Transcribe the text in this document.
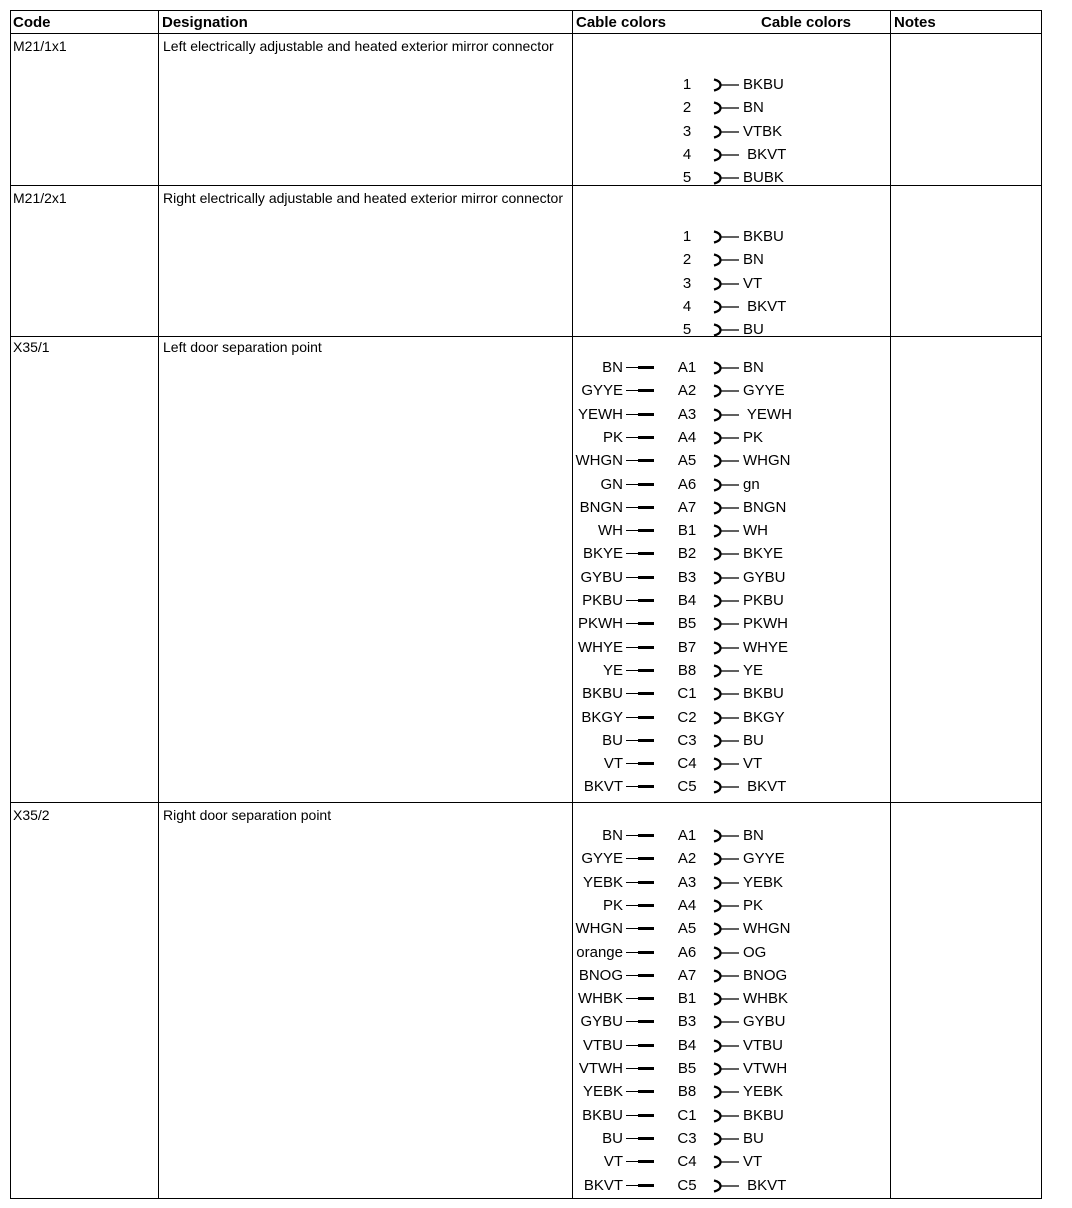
Code	Designation	Cable colors	Cable colors	Notes
M21/1x1	Left electrically adjustable and heated exterior mirror connector
1	BKBU
2	BN
3	VTBK
4	BKVT
5	BUBK
M21/2x1	Right electrically adjustable and heated exterior mirror connector
1	BKBU
2	BN
3	VT
4	BKVT
5	BU
X35/1	Left door separation point
BN	A1	BN
GYYE	A2	GYYE
YEWH	A3	YEWH
PK	A4	PK
WHGN	A5	WHGN
GN	A6	gn
BNGN	A7	BNGN
WH	B1	WH
BKYE	B2	BKYE
GYBU	B3	GYBU
PKBU	B4	PKBU
PKWH	B5	PKWH
WHYE	B7	WHYE
YE	B8	YE
BKBU	C1	BKBU
BKGY	C2	BKGY
BU	C3	BU
VT	C4	VT
BKVT	C5	BKVT
X35/2	Right door separation point
BN	A1	BN
GYYE	A2	GYYE
YEBK	A3	YEBK
PK	A4	PK
WHGN	A5	WHGN
orange	A6	OG
BNOG	A7	BNOG
WHBK	B1	WHBK
GYBU	B3	GYBU
VTBU	B4	VTBU
VTWH	B5	VTWH
YEBK	B8	YEBK
BKBU	C1	BKBU
BU	C3	BU
VT	C4	VT
BKVT	C5	BKVT
